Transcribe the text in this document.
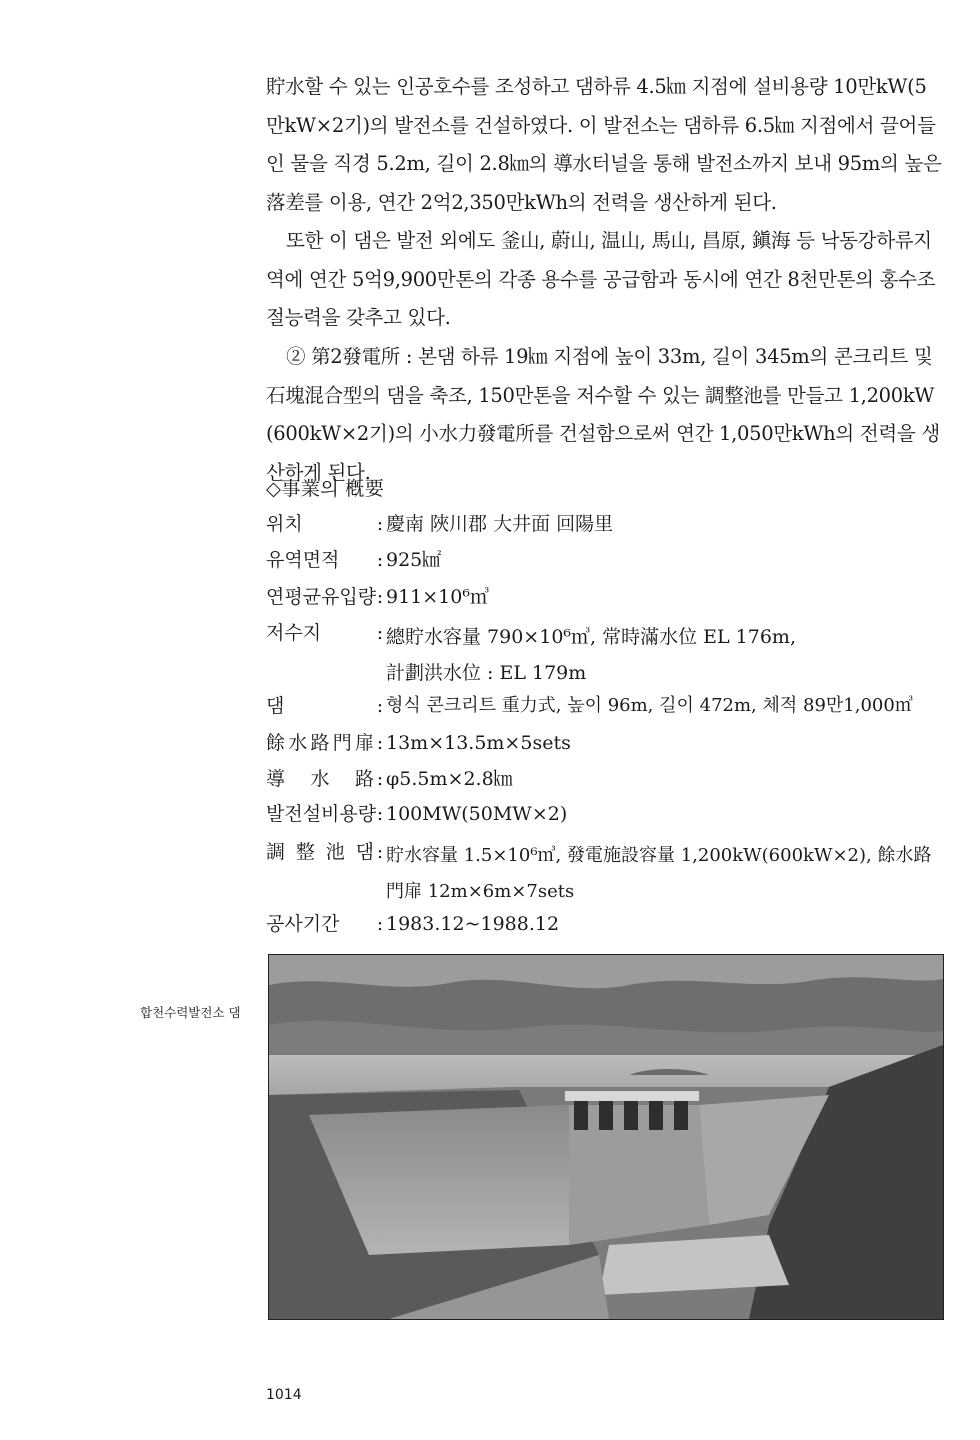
貯水할 수 있는 인공호수를 조성하고 댐하류 4.5㎞ 지점에 설비용량 10만kW(5만kW×2기)의 발전소를 건설하였다. 이 발전소는 댐하류 6.5㎞ 지점에서 끌어들인 물을 직경 5.2m, 길이 2.8㎞의 導水터널을 통해 발전소까지 보내 95m의 높은 落差를 이용, 연간 2억2,350만kWh의 전력을 생산하게 된다.

또한 이 댐은 발전 외에도 釜山, 蔚山, 温山, 馬山, 昌原, 鎭海 등 낙동강하류지역에 연간 5억9,900만톤의 각종 용수를 공급함과 동시에 연간 8천만톤의 홍수조절능력을 갖추고 있다.

② 第2發電所 : 본댐 하류 19㎞ 지점에 높이 33m, 길이 345m의 콘크리트 및 石塊混合型의 댐을 축조, 150만톤을 저수할 수 있는 調整池를 만들고 1,200kW (600kW×2기)의 小水力發電所를 건설함으로써 연간 1,050만kWh의 전력을 생산하게 된다.

◇事業의 槪要

위치	: 慶南 陜川郡 大井面 回陽里
유역면적	: 925㎢
연평균유입량 : 911×10⁶㎥
저수지	: 總貯水容量 790×10⁶㎥, 常時滿水位 EL 176m,
計劃洪水位 : EL 179m
댐	: 형식 콘크리트 重力式, 높이 96m, 길이 472m, 체적 89만1,000㎥
餘水路門扉 : 13m×13.5m×5sets
導水路 : φ5.5m×2.8㎞
발전설비용량 : 100MW(50MW×2)
調整池댐 : 貯水容量 1.5×10⁶㎥, 發電施設容量 1,200kW(600kW×2), 餘水路
門扉 12m×6m×7sets
공사기간	: 1983.12~1988.12
합천수력발전소 댐
1014
